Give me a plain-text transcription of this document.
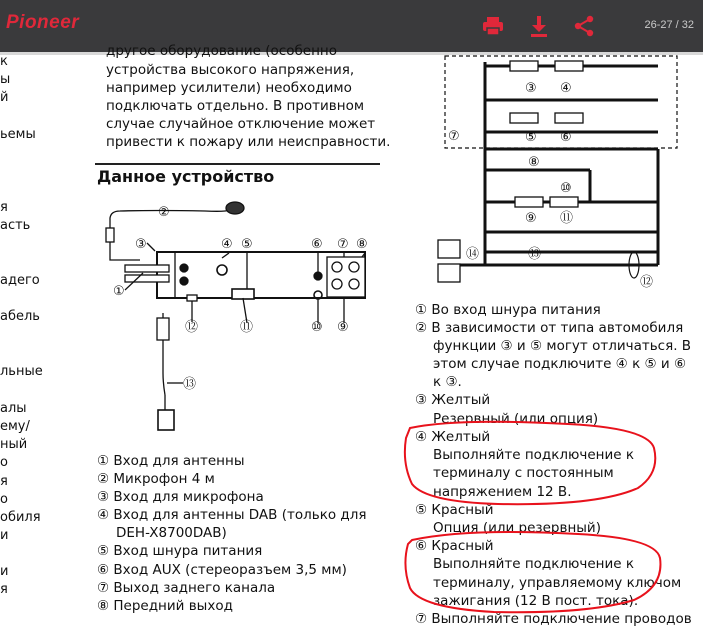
Pioneer	26-27 / 32
к
ы
й
ьемы
я
асть
адего
абель
льные
алы
ему/
ный
о
я
о
обиля
и
и
я
другое оборудование (особенно
устройства высокого напряжения,
например усилители) необходимо
подключать отдельно. В противном
случае случайное отключение может
привести к пожару или неисправности.
Данное устройство
②
③
①
④ ⑤	⑥ ⑦ ⑧
⑫	⑪	⑩ ⑨
⑬
① Вход для антенны
② Микрофон 4 м
③ Вход для микрофона
④ Вход для антенны DAB (только для
DEH-X8700DAB)
⑤ Вход шнура питания
⑥ Вход AUX (стереоразъем 3,5 мм)
⑦ Выход заднего канала
⑧ Передний выход
③ ④
⑤ ⑥
⑦
⑧
⑨
⑩
⑪
⑫
⑬
⑭
① Во вход шнура питания
② В зависимости от типа автомобиля
функции ③ и ⑤ могут отличаться. В
этом случае подключите ④ к ⑤ и ⑥
к ③.
③ Желтый
Резервный (или опция)
④ Желтый
Выполняйте подключение к
терминалу с постоянным
напряжением 12 В.
⑤ Красный
Опция (или резервный)
⑥ Красный
Выполняйте подключение к
терминалу, управляемому ключом
зажигания (12 В пост. тока).
⑦ Выполняйте подключение проводов
